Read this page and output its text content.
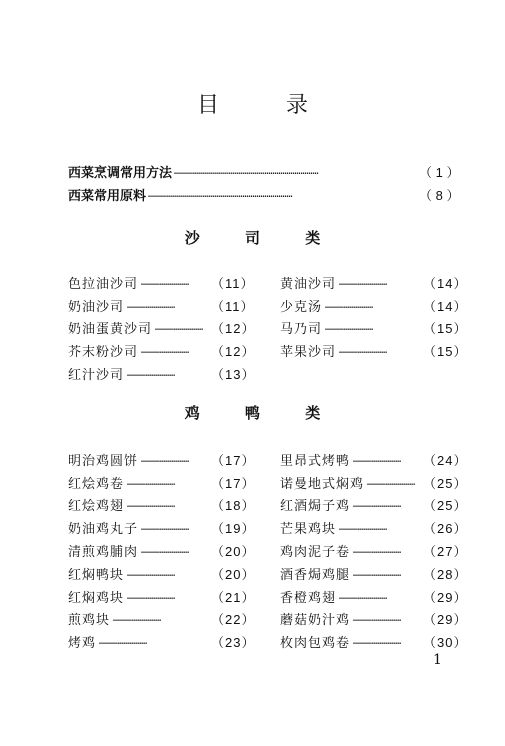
目 录
西菜烹调常用方法 ………………………………………………………………	（ 1 ）
西菜常用原料 ………………………………………………………………	（ 8 ）
沙 司 类
色拉油沙司 ……………………	（11）
奶油沙司 ……………………	（11）
奶油蛋黄沙司 …………………… （12）
芥末粉沙司 ……………………	（12）
红汁沙司 ……………………	（13）
黄油沙司 ……………………	（14）
少克汤 ……………………	（14）
马乃司 ……………………	（15）
苹果沙司 ……………………	（15）
鸡 鸭 类
明治鸡圆饼 ……………………	（17）
红烩鸡卷 ……………………	（17）
红烩鸡翅 ……………………	（18）
奶油鸡丸子 ……………………	（19）
清煎鸡脯肉 ……………………	（20）
红焖鸭块 ……………………	（20）
红焖鸡块 ……………………	（21）
煎鸡块 ……………………	（22）
烤鸡 ……………………	（23）
里昂式烤鸭 ……………………	（24）
诺曼地式焖鸡 …………………… （25）
红酒焗子鸡 ……………………	（25）
芒果鸡块 ……………………	（26）
鸡肉泥子卷 ……………………	（27）
酒香焗鸡腿 ……………………	（28）
香橙鸡翅 ……………………	（29）
蘑菇奶汁鸡 ……………………	（29）
枚肉包鸡卷 ……………………	（30）
1
